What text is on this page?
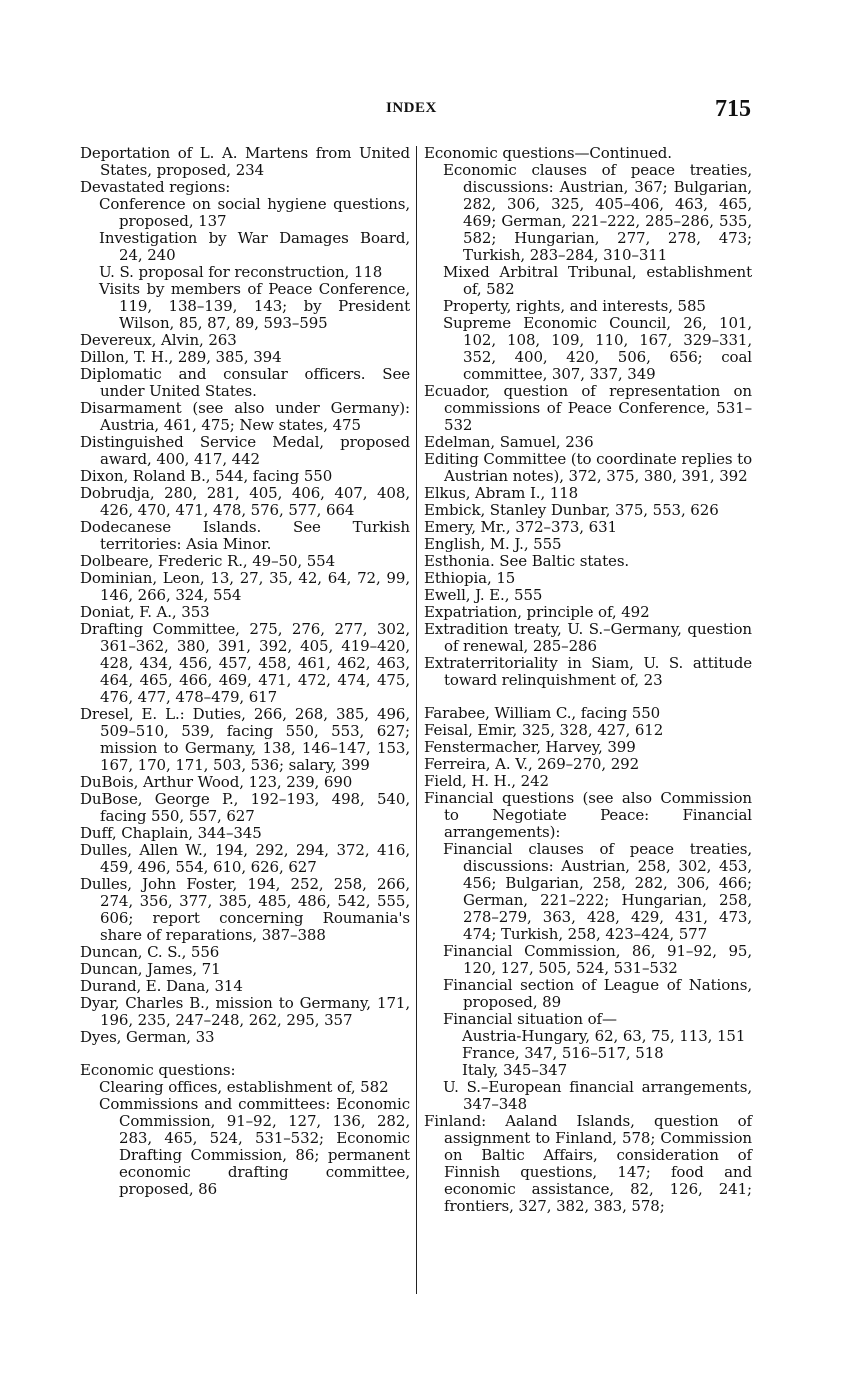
INDEX	715
Deportation of L. A. Martens from United States, proposed, 234
Devastated regions:
Conference on social hygiene questions, proposed, 137
Investigation by War Damages Board, 24, 240
U. S. proposal for reconstruction, 118
Visits by members of Peace Conference, 119, 138–139, 143; by President Wilson, 85, 87, 89, 593–595
Devereux, Alvin, 263
Dillon, T. H., 289, 385, 394
Diplomatic and consular officers. See under United States.
Disarmament (see also under Germany): Austria, 461, 475; New states, 475
Distinguished Service Medal, proposed award, 400, 417, 442
Dixon, Roland B., 544, facing 550
Dobrudja, 280, 281, 405, 406, 407, 408, 426, 470, 471, 478, 576, 577, 664
Dodecanese Islands. See Turkish territories: Asia Minor.
Dolbeare, Frederic R., 49–50, 554
Dominian, Leon, 13, 27, 35, 42, 64, 72, 99, 146, 266, 324, 554
Doniat, F. A., 353
Drafting Committee, 275, 276, 277, 302, 361–362, 380, 391, 392, 405, 419–420, 428, 434, 456, 457, 458, 461, 462, 463, 464, 465, 466, 469, 471, 472, 474, 475, 476, 477, 478–479, 617
Dresel, E. L.: Duties, 266, 268, 385, 496, 509–510, 539, facing 550, 553, 627; mission to Germany, 138, 146–147, 153, 167, 170, 171, 503, 536; salary, 399
DuBois, Arthur Wood, 123, 239, 690
DuBose, George P., 192–193, 498, 540, facing 550, 557, 627
Duff, Chaplain, 344–345
Dulles, Allen W., 194, 292, 294, 372, 416, 459, 496, 554, 610, 626, 627
Dulles, John Foster, 194, 252, 258, 266, 274, 356, 377, 385, 485, 486, 542, 555, 606; report concerning Roumania's share of reparations, 387–388
Duncan, C. S., 556
Duncan, James, 71
Durand, E. Dana, 314
Dyar, Charles B., mission to Germany, 171, 196, 235, 247–248, 262, 295, 357
Dyes, German, 33
Economic questions:
Clearing offices, establishment of, 582
Commissions and committees: Economic Commission, 91–92, 127, 136, 282, 283, 465, 524, 531–532; Economic Drafting Commission, 86; permanent economic drafting committee, proposed, 86
Economic questions—Continued.
Economic clauses of peace treaties, discussions: Austrian, 367; Bulgarian, 282, 306, 325, 405–406, 463, 465, 469; German, 221–222, 285–286, 535, 582; Hungarian, 277, 278, 473; Turkish, 283–284, 310–311
Mixed Arbitral Tribunal, establishment of, 582
Property, rights, and interests, 585
Supreme Economic Council, 26, 101, 102, 108, 109, 110, 167, 329–331, 352, 400, 420, 506, 656; coal committee, 307, 337, 349
Ecuador, question of representation on commissions of Peace Conference, 531–532
Edelman, Samuel, 236
Editing Committee (to coordinate replies to Austrian notes), 372, 375, 380, 391, 392
Elkus, Abram I., 118
Embick, Stanley Dunbar, 375, 553, 626
Emery, Mr., 372–373, 631
English, M. J., 555
Esthonia. See Baltic states.
Ethiopia, 15
Ewell, J. E., 555
Expatriation, principle of, 492
Extradition treaty, U. S.–Germany, question of renewal, 285–286
Extraterritoriality in Siam, U. S. attitude toward relinquishment of, 23
Farabee, William C., facing 550
Feisal, Emir, 325, 328, 427, 612
Fenstermacher, Harvey, 399
Ferreira, A. V., 269–270, 292
Field, H. H., 242
Financial questions (see also Commission to Negotiate Peace: Financial arrangements):
Financial clauses of peace treaties, discussions: Austrian, 258, 302, 453, 456; Bulgarian, 258, 282, 306, 466; German, 221–222; Hungarian, 258, 278–279, 363, 428, 429, 431, 473, 474; Turkish, 258, 423–424, 577
Financial Commission, 86, 91–92, 95, 120, 127, 505, 524, 531–532
Financial section of League of Nations, proposed, 89
Financial situation of—
Austria-Hungary, 62, 63, 75, 113, 151
France, 347, 516–517, 518
Italy, 345–347
U. S.–European financial arrangements, 347–348
Finland: Aaland Islands, question of assignment to Finland, 578; Commission on Baltic Affairs, consideration of Finnish questions, 147; food and economic assistance, 82, 126, 241; frontiers, 327, 382, 383, 578;
